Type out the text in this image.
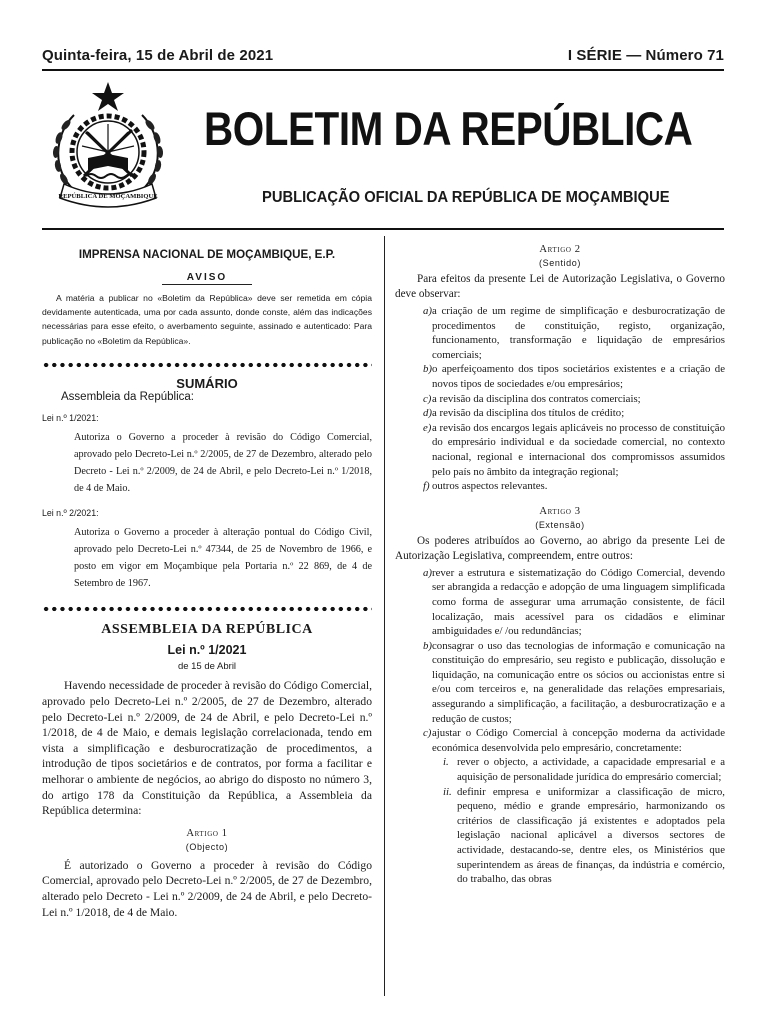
Quinta-feira, 15 de Abril de 2021	I SÉRIE — Número 71
REPÚBLICA DE MOÇAMBIQUE
BOLETIM DA REPÚBLICA
PUBLICAÇÃO OFICIAL DA REPÚBLICA DE MOÇAMBIQUE
IMPRENSA NACIONAL DE MOÇAMBIQUE, E.P.
AVISO
A matéria a publicar no «Boletim da República» deve ser remetida em cópia devidamente autenticada, uma por cada assunto, donde conste, além das indicações necessárias para esse efeito, o averbamento seguinte, assinado e autenticado: Para publicação no «Boletim da República».
SUMÁRIO
Assembleia da República:
Lei n.º 1/2021:
Autoriza o Governo a proceder à revisão do Código Comercial, aprovado pelo Decreto-Lei n.º 2/2005, de 27 de Dezembro, alterado pelo Decreto - Lei n.º 2/2009, de 24 de Abril, e pelo Decreto-Lei n.º 1/2018, de 4 de Maio.
Lei n.º 2/2021:
Autoriza o Governo a proceder à alteração pontual do Código Civil, aprovado pelo Decreto-Lei n.º 47344, de 25 de Novembro de 1966, e posto em vigor em Moçambique pela Portaria n.º 22 869, de 4 de Setembro de 1967.
ASSEMBLEIA DA REPÚBLICA
Lei n.º 1/2021
de 15 de Abril
Havendo necessidade de proceder à revisão do Código Comercial, aprovado pelo Decreto-Lei n.º 2/2005, de 27 de Dezembro, alterado pelo Decreto-Lei n.º 2/2009, de 24 de Abril, e pelo Decreto-Lei n.º 1/2018, de 4 de Maio, e demais legislação correlacionada, tendo em vista a simplificação e desburocratização de procedimentos, a introdução de tipos societários e de contratos, por forma a facilitar e melhorar o ambiente de negócios, ao abrigo do disposto no número 3, do artigo 178 da Constituição da República, a Assembleia da República determina:
Artigo 1
(Objecto)
É autorizado o Governo a proceder à revisão do Código Comercial, aprovado pelo Decreto-Lei n.º 2/2005, de 27 de Dezembro, alterado pelo Decreto - Lei n.º 2/2009, de 24 de Abril, e pelo Decreto-Lei n.º 1/2018, de 4 de Maio.
Artigo 2
(Sentido)
Para efeitos da presente Lei de Autorização Legislativa, o Governo deve observar:
a) a criação de um regime de simplificação e desburocratização de procedimentos de constituição, registo, organização, funcionamento, transformação e liquidação de empresários comerciais;
b) o aperfeiçoamento dos tipos societários existentes e a criação de novos tipos de sociedades e/ou empresários;
c) a revisão da disciplina dos contratos comerciais;
d) a revisão da disciplina dos títulos de crédito;
e) a revisão dos encargos legais aplicáveis no processo de constituição do empresário individual e da sociedade comercial, no contexto nacional, regional e internacional dos compromissos assumidos pelo país no âmbito da integração regional;
f) outros aspectos relevantes.
Artigo 3
(Extensão)
Os poderes atribuídos ao Governo, ao abrigo da presente Lei de Autorização Legislativa, compreendem, entre outros:
a) rever a estrutura e sistematização do Código Comercial, devendo ser abrangida a redacção e adopção de uma linguagem simplificada como forma de assegurar uma arrumação consistente, de fácil localização, mais acessível para os cidadãos e eliminar ambiguidades e/ /ou redundâncias;
b) consagrar o uso das tecnologias de informação e comunicação na constituição do empresário, seu registo e publicação, dissolução e liquidação, na comunicação entre os sócios ou accionistas entre si e/ou com terceiros e, na generalidade das relações empresariais, assegurando a simplificação, a facilitação, a desburocratização e a redução de custos;
c) ajustar o Código Comercial à concepção moderna da actividade económica desenvolvida pelo empresário, concretamente:
i. rever o objecto, a actividade, a capacidade empresarial e a aquisição de personalidade jurídica do empresário comercial;
ii. definir empresa e uniformizar a classificação de micro, pequeno, médio e grande empresário, harmonizando os critérios de classificação já existentes e adoptados pela legislação nacional aplicável a diversos sectores de actividade, destacando-se, dentre eles, os Ministérios que superintendem as áreas de finanças, da indústria e comércio, do trabalho, das obras
